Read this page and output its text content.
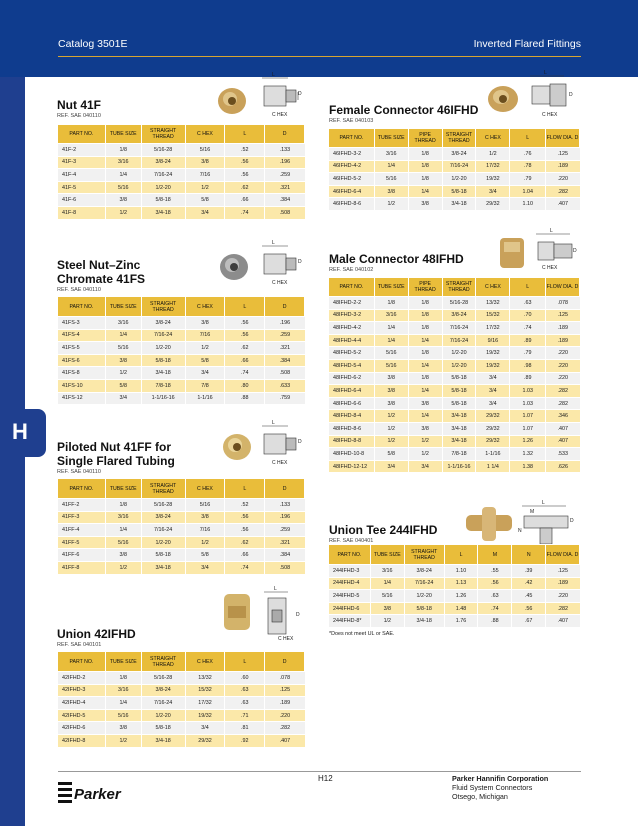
Catalog 3501E	Inverted Flared Fittings
H
Nut 41F
REF. SAE 040110
L
D
C HEX
PART NO.	TUBE SIZE	STRAIGHT THREAD	C HEX	L	D
41F-2	1/8	5/16-28	5/16	.52	.133
41F-3	3/16	3/8-24	3/8	.56	.196
41F-4	1/4	7/16-24	7/16	.56	.259
41F-5	5/16	1/2-20	1/2	.62	.321
41F-6	3/8	5/8-18	5/8	.66	.384
41F-8	1/2	3/4-18	3/4	.74	.508
Steel Nut–Zinc
Chromate 41FS
REF. SAE 040110
L
D
C HEX
PART NO.	TUBE SIZE	STRAIGHT THREAD	C HEX	L	D
41FS-3	3/16	3/8-24	3/8	.56	.196
41FS-4	1/4	7/16-24	7/16	.56	.259
41FS-5	5/16	1/2-20	1/2	.62	.321
41FS-6	3/8	5/8-18	5/8	.66	.384
41FS-8	1/2	3/4-18	3/4	.74	.508
41FS-10	5/8	7/8-18	7/8	.80	.633
41FS-12	3/4	1-1/16-16	1-1/16	.88	.759
Piloted Nut 41FF for
Single Flared Tubing
REF. SAE 040110
L
D
C HEX
PART NO.	TUBE SIZE	STRAIGHT THREAD	C HEX	L	D
41FF-2	1/8	5/16-28	5/16	.52	.133
41FF-3	3/16	3/8-24	3/8	.56	.196
41FF-4	1/4	7/16-24	7/16	.56	.259
41FF-5	5/16	1/2-20	1/2	.62	.321
41FF-6	3/8	5/8-18	5/8	.66	.384
41FF-8	1/2	3/4-18	3/4	.74	.508
Union 42IFHD
REF. SAE 040101
L
D
C HEX
PART NO.	TUBE SIZE	STRAIGHT THREAD	C HEX	L	D
42IFHD-2	1/8	5/16-28	13/32	.60	.078
42IFHD-3	3/16	3/8-24	15/32	.63	.125
42IFHD-4	1/4	7/16-24	17/32	.63	.189
42IFHD-5	5/16	1/2-20	19/32	.71	.220
42IFHD-6	3/8	5/8-18	3/4	.81	.282
42IFHD-8	1/2	3/4-18	29/32	.92	.407
Female Connector 46IFHD
REF. SAE 040103
L
D
C HEX
PART NO.	TUBE SIZE	PIPE THREAD	STRAIGHT THREAD	C HEX	L	FLOW DIA. D
46IFHD-3-2	3/16	1/8	3/8-24	1/2	.76	.125
46IFHD-4-2	1/4	1/8	7/16-24	17/32	.78	.189
46IFHD-5-2	5/16	1/8	1/2-20	19/32	.79	.220
46IFHD-6-4	3/8	1/4	5/8-18	3/4	1.04	.282
46IFHD-8-6	1/2	3/8	3/4-18	29/32	1.10	.407
Male Connector 48IFHD
REF. SAE 040102
L
D
C HEX
PART NO.	TUBE SIZE	PIPE THREAD	STRAIGHT THREAD	C HEX	L	FLOW DIA. D
48IFHD-2-2	1/8	1/8	5/16-28	13/32	.63	.078
48IFHD-3-2	3/16	1/8	3/8-24	15/32	.70	.125
48IFHD-4-2	1/4	1/8	7/16-24	17/32	.74	.189
48IFHD-4-4	1/4	1/4	7/16-24	9/16	.89	.189
48IFHD-5-2	5/16	1/8	1/2-20	19/32	.79	.220
48IFHD-5-4	5/16	1/4	1/2-20	19/32	.98	.220
48IFHD-6-2	3/8	1/8	5/8-18	3/4	.89	.220
48IFHD-6-4	3/8	1/4	5/8-18	3/4	1.03	.282
48IFHD-6-6	3/8	3/8	5/8-18	3/4	1.03	.282
48IFHD-8-4	1/2	1/4	3/4-18	29/32	1.07	.346
48IFHD-8-6	1/2	3/8	3/4-18	29/32	1.07	.407
48IFHD-8-8	1/2	1/2	3/4-18	29/32	1.26	.407
48IFHD-10-8	5/8	1/2	7/8-18	1-1/16	1.32	.533
48IFHD-12-12	3/4	3/4	1-1/16-16	1 1/4	1.38	.626
Union Tee 244IFHD
REF. SAE 040401
L
M
N
D
PART NO.	TUBE SIZE	STRAIGHT THREAD	L	M	N	FLOW DIA. D
244IFHD-3	3/16	3/8-24	1.10	.55	.39	.125
244IFHD-4	1/4	7/16-24	1.13	.56	.42	.189
244IFHD-5	5/16	1/2-20	1.26	.63	.45	.220
244IFHD-6	3/8	5/8-18	1.48	.74	.56	.282
244IFHD-8*	1/2	3/4-18	1.76	.88	.67	.407
*Does not meet UL or SAE.
Parker
H12	Parker Hannifin Corporation
Fluid System Connectors
Otsego, Michigan
